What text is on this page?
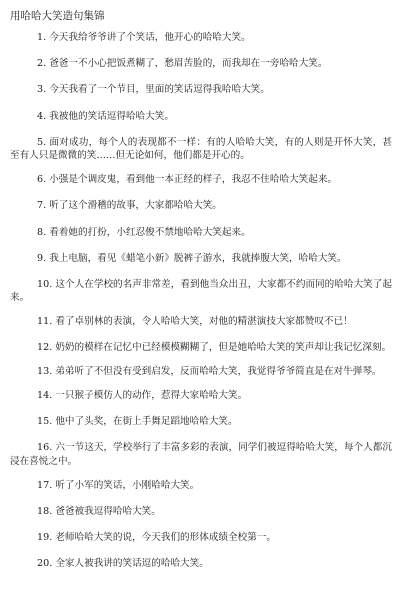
用哈哈大笑造句集锦
1 . 今天我给爷爷讲了个笑话，他开心的哈哈大笑。
2 . 爸爸一不小心把饭煮糊了，愁眉苦脸的，而我却在一旁哈哈大笑。
3 . 今天我看了一个节目，里面的笑话逗得我哈哈大笑。
4 . 我被他的笑话逗得哈哈大笑。
5 . 面对成功，每个人的表现都不一样：有的人哈哈大笑，有的人则是开怀大笑，甚至有人只是微微的笑……但无论如何，他们都是开心的。
6 . 小强是个调皮鬼，看到他一本正经的样子，我忍不住哈哈大笑起来。
7 . 听了这个滑稽的故事，大家都哈哈大笑。
8 . 看着她的打扮，小红忍俊不禁地哈哈大笑起来。
9 . 我上电脑，看见《蜡笔小新》脱裤子游水，我就捧腹大笑，哈哈大笑。
10 . 这个人在学校的名声非常差，看到他当众出丑，大家都不约而同的哈哈大笑了起来。
11 . 看了卓别林的表演，令人哈哈大笑，对他的精湛演技大家都赞叹不已！
12 . 奶奶的模样在记忆中已经模模糊糊了，但是她哈哈大笑的笑声却让我记忆深刻。
13 . 弟弟听了不但没有受到启发，反而哈哈大笑，我觉得爷爷简直是在对牛弹琴。
14 . 一只猴子模仿人的动作，惹得大家哈哈大笑。
15 . 他中了头奖，在街上手舞足蹈地哈哈大笑。
16 . 六一节这天，学校举行了丰富多彩的表演，同学们被逗得哈哈大笑，每个人都沉浸在喜悦之中。
17 . 听了小军的笑话，小刚哈哈大笑。
18 . 爸爸被我逗得哈哈大笑。
19 . 老师哈哈大笑的说，今天我们的形体成绩全校第一。
20 . 全家人被我讲的笑话逗的哈哈大笑。
